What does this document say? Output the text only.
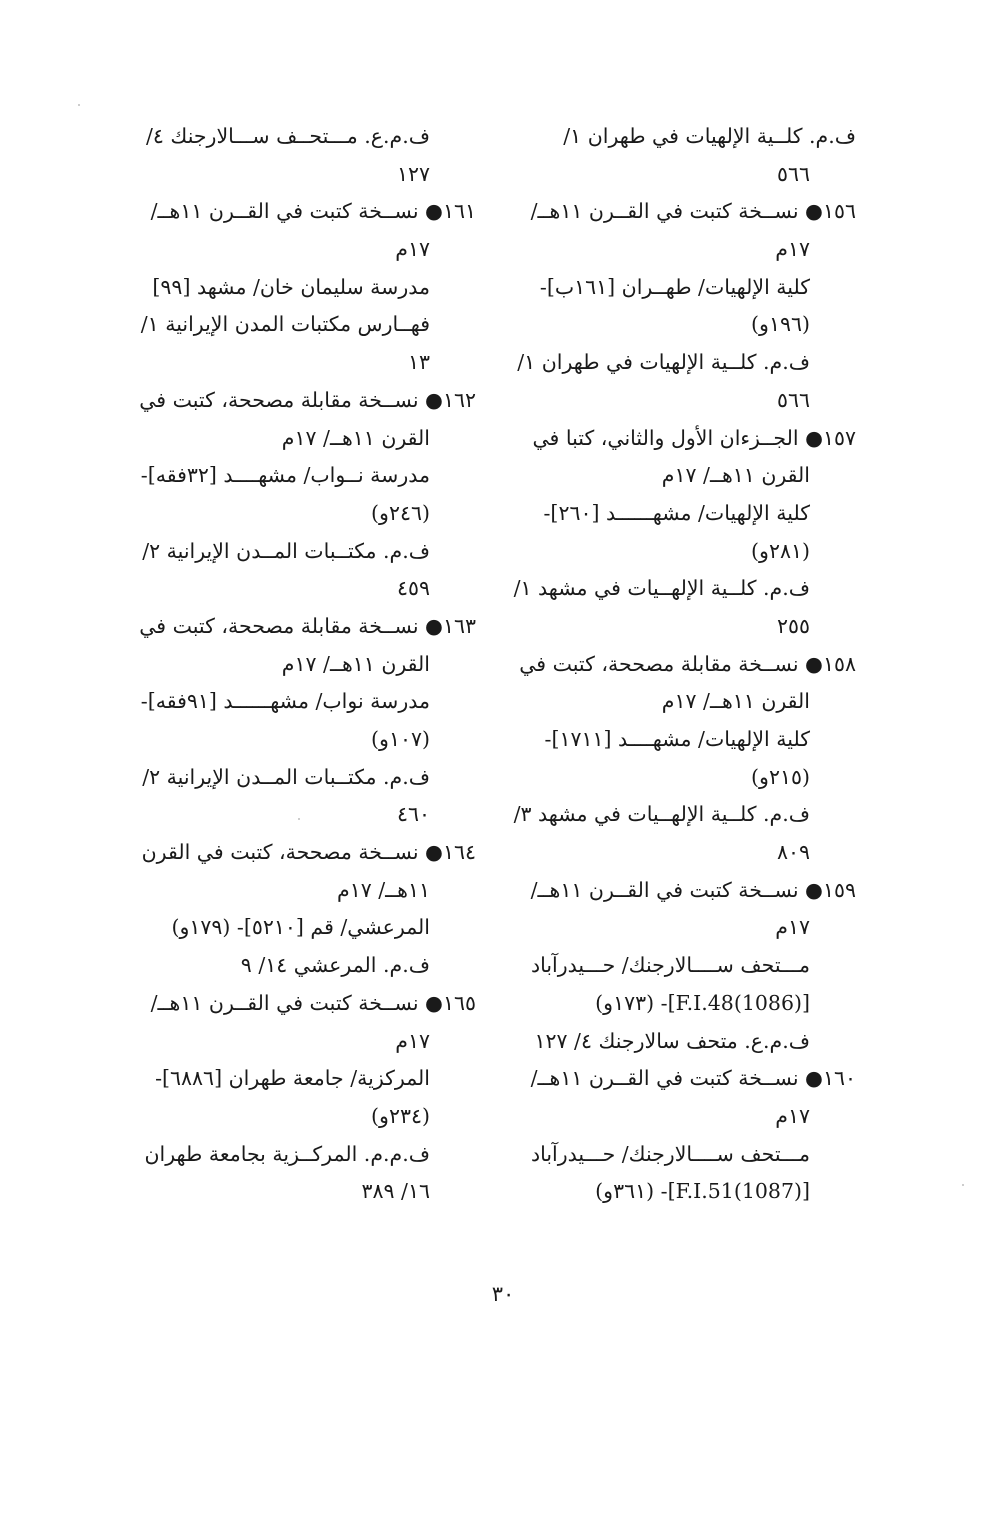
ف.م. كلــية الإلهيات في طهران ١/
٥٦٦
١٥٦● نســخة كتبت في القــرن ١١هــ/
١٧م
كلية الإلهيات/ طهــران [١٦١ب]-
(١٩٦و)
ف.م. كلــية الإلهيات في طهران ١/
٥٦٦
١٥٧● الجــزءان الأول والثاني، كتبا في
القرن ١١هــ/ ١٧م
كلية الإلهيات/ مشهــــــد [٢٦٠]-
(٢٨١و)
ف.م. كلــية الإلهــيات في مشهد ١/
٢٥٥
١٥٨● نســخة مقابلة مصححة، كتبت في
القرن ١١هــ/ ١٧م
كلية الإلهيات/ مشهــــد [١٧١١]-
(٢١٥و)
ف.م. كلــية الإلهــيات في مشهد ٣/
٨٠٩
١٥٩● نســخة كتبت في القــرن ١١هــ/
١٧م
مـــتحف ســــالارجنك/ حـــيدرآباد
[(1086)F.I.48]- (١٧٣و)
ف.م.ع. متحف سالارجنك ٤/ ١٢٧
١٦٠● نســخة كتبت في القــرن ١١هــ/
١٧م
مـــتحف ســــالارجنك/ حـــيدرآباد
[(1087)F.I.51]- (٣٦١و)
ف.م.ع. مـــتحــف ســـالارجنك ٤/
١٢٧
١٦١● نســخة كتبت في القــرن ١١هــ/
١٧م
مدرسة سليمان خان/ مشهد [٩٩]
فهــارس مكتبات المدن الإيرانية ١/
١٣
١٦٢● نســخة مقابلة مصححة، كتبت في
القرن ١١هــ/ ١٧م
مدرسة نــواب/ مشهــــد [٣٢فقه]-
(٢٤٦و)
ف.م. مكتــبات المــدن الإيرانية ٢/
٤٥٩
١٦٣● نســخة مقابلة مصححة، كتبت في
القرن ١١هــ/ ١٧م
مدرسة نواب/ مشهــــــد [٩١فقه]-
(١٠٧و)
ف.م. مكتــبات المــدن الإيرانية ٢/
٤٦٠
١٦٤● نســخة مصححة، كتبت في القرن
١١هــ/ ١٧م
المرعشي/ قم [٥٢١٠]- (١٧٩و)
ف.م. المرعشي ١٤/ ٩
١٦٥● نســخة كتبت في القــرن ١١هــ/
١٧م
المركزية/ جامعة طهران [٦٨٨٦]-
(٢٣٤و)
ف.م.م. المركــزية بجامعة طهران
١٦/ ٣٨٩
٣٠
